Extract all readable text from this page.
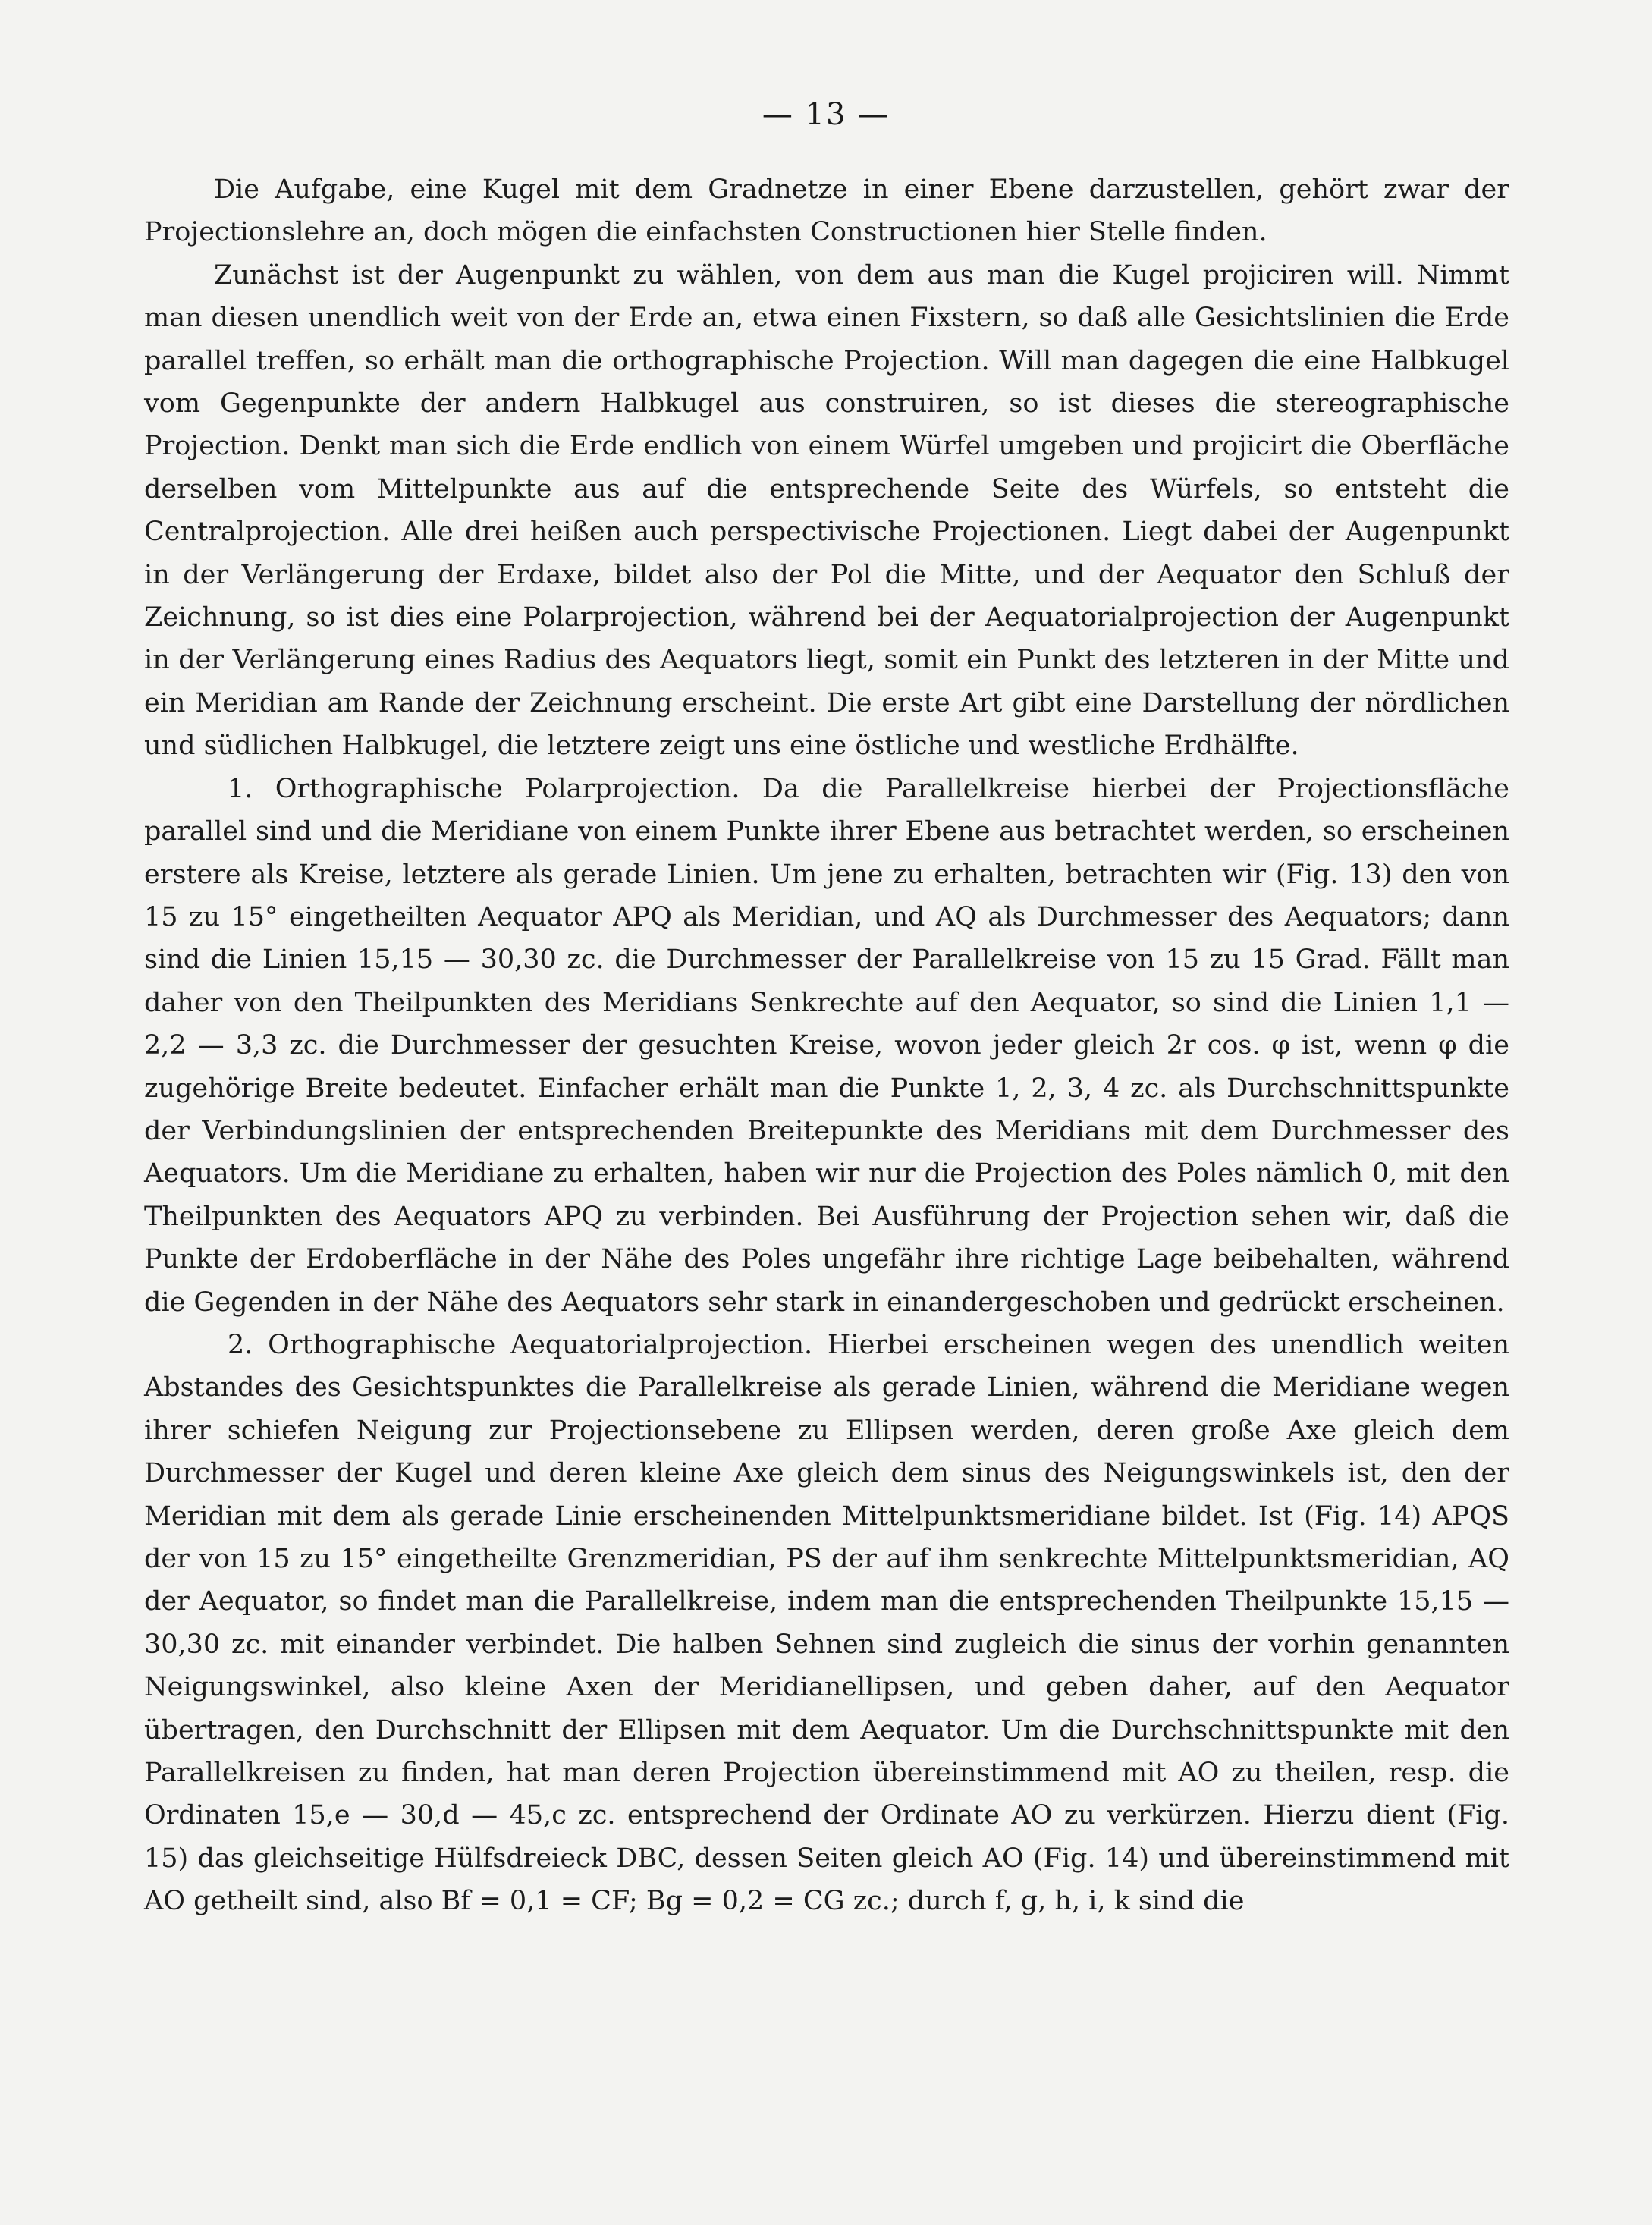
— 13 —

Die Aufgabe, eine Kugel mit dem Gradnetze in einer Ebene darzustellen, gehört zwar der Projectionslehre an, doch mögen die einfachsten Constructionen hier Stelle finden.

Zunächst ist der Augenpunkt zu wählen, von dem aus man die Kugel projiciren will. Nimmt man diesen unendlich weit von der Erde an, etwa einen Fixstern, so daß alle Gesichtslinien die Erde parallel treffen, so erhält man die orthographische Projection. Will man dagegen die eine Halbkugel vom Gegenpunkte der andern Halbkugel aus construiren, so ist dieses die stereographische Projection. Denkt man sich die Erde endlich von einem Würfel umgeben und projicirt die Oberfläche derselben vom Mittelpunkte aus auf die entsprechende Seite des Würfels, so entsteht die Centralprojection. Alle drei heißen auch perspectivische Projectionen. Liegt dabei der Augenpunkt in der Verlängerung der Erdaxe, bildet also der Pol die Mitte, und der Aequator den Schluß der Zeichnung, so ist dies eine Polarprojection, während bei der Aequatorialprojection der Augenpunkt in der Verlängerung eines Radius des Aequators liegt, somit ein Punkt des letzteren in der Mitte und ein Meridian am Rande der Zeichnung erscheint. Die erste Art gibt eine Darstellung der nördlichen und südlichen Halbkugel, die letztere zeigt uns eine östliche und westliche Erdhälfte.

1. Orthographische Polarprojection. Da die Parallelkreise hierbei der Projectionsfläche parallel sind und die Meridiane von einem Punkte ihrer Ebene aus betrachtet werden, so erscheinen erstere als Kreise, letztere als gerade Linien. Um jene zu erhalten, betrachten wir (Fig. 13) den von 15 zu 15° eingetheilten Aequator APQ als Meridian, und AQ als Durchmesser des Aequators; dann sind die Linien 15,15 — 30,30 zc. die Durchmesser der Parallelkreise von 15 zu 15 Grad. Fällt man daher von den Theilpunkten des Meridians Senkrechte auf den Aequator, so sind die Linien 1,1 — 2,2 — 3,3 zc. die Durchmesser der gesuchten Kreise, wovon jeder gleich 2r cos. φ ist, wenn φ die zugehörige Breite bedeutet. Einfacher erhält man die Punkte 1, 2, 3, 4 zc. als Durchschnittspunkte der Verbindungslinien der entsprechenden Breitepunkte des Meridians mit dem Durchmesser des Aequators. Um die Meridiane zu erhalten, haben wir nur die Projection des Poles nämlich 0, mit den Theilpunkten des Aequators APQ zu verbinden. Bei Ausführung der Projection sehen wir, daß die Punkte der Erdoberfläche in der Nähe des Poles ungefähr ihre richtige Lage beibehalten, während die Gegenden in der Nähe des Aequators sehr stark in einandergeschoben und gedrückt erscheinen.

2. Orthographische Aequatorialprojection. Hierbei erscheinen wegen des unendlich weiten Abstandes des Gesichtspunktes die Parallelkreise als gerade Linien, während die Meridiane wegen ihrer schiefen Neigung zur Projectionsebene zu Ellipsen werden, deren große Axe gleich dem Durchmesser der Kugel und deren kleine Axe gleich dem sinus des Neigungswinkels ist, den der Meridian mit dem als gerade Linie erscheinenden Mittelpunktsmeridiane bildet. Ist (Fig. 14) APQS der von 15 zu 15° eingetheilte Grenzmeridian, PS der auf ihm senkrechte Mittelpunktsmeridian, AQ der Aequator, so findet man die Parallelkreise, indem man die entsprechenden Theilpunkte 15,15 — 30,30 zc. mit einander verbindet. Die halben Sehnen sind zugleich die sinus der vorhin genannten Neigungswinkel, also kleine Axen der Meridianellipsen, und geben daher, auf den Aequator übertragen, den Durchschnitt der Ellipsen mit dem Aequator. Um die Durchschnittspunkte mit den Parallelkreisen zu finden, hat man deren Projection übereinstimmend mit AO zu theilen, resp. die Ordinaten 15,e — 30,d — 45,c zc. entsprechend der Ordinate AO zu verkürzen. Hierzu dient (Fig. 15) das gleichseitige Hülfsdreieck DBC, dessen Seiten gleich AO (Fig. 14) und übereinstimmend mit AO getheilt sind, also Bf = 0,1 = CF; Bg = 0,2 = CG zc.; durch f, g, h, i, k sind die
